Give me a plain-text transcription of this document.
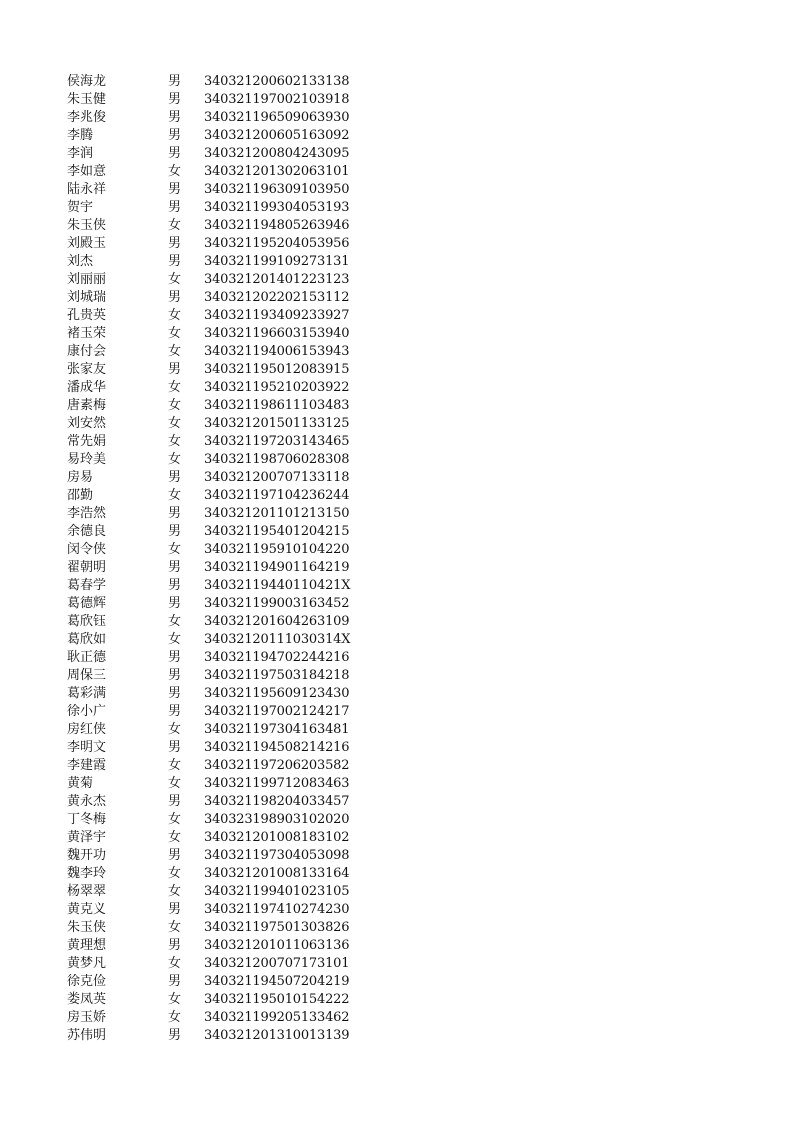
侯海龙	男 340321200602133138
朱玉健	男 340321197002103918
李兆俊	男 340321196509063930
李腾	男 340321200605163092
李润	男 340321200804243095
李如意	女 340321201302063101
陆永祥	男 340321196309103950
贺宇	男 340321199304053193
朱玉侠	女 340321194805263946
刘殿玉	男 340321195204053956
刘杰	男 340321199109273131
刘丽丽	女 340321201401223123
刘城瑞	男 340321202202153112
孔贵英	女 340321193409233927
褚玉荣	女 340321196603153940
康付会	女 340321194006153943
张家友	男 340321195012083915
潘成华	女 340321195210203922
唐素梅	女 340321198611103483
刘安然	女 340321201501133125
常先娟	女 340321197203143465
易玲美	女 340321198706028308
房易	男 340321200707133118
邵勤	女 340321197104236244
李浩然	男 340321201101213150
余德良	男 340321195401204215
闵令侠	女 340321195910104220
翟朝明	男 340321194901164219
葛春学	男 34032119440110421X
葛德辉	男 340321199003163452
葛欣钰	女 340321201604263109
葛欣如	女 34032120111030314X
耿正德	男 340321194702244216
周保三	男 340321197503184218
葛彩满	男 340321195609123430
徐小广	男 340321197002124217
房红侠	女 340321197304163481
李明文	男 340321194508214216
李建霞	女 340321197206203582
黄菊	女 340321199712083463
黄永杰	男 340321198204033457
丁冬梅	女 340323198903102020
黄泽宇	女 340321201008183102
魏开功	男 340321197304053098
魏李玲	女 340321201008133164
杨翠翠	女 340321199401023105
黄克义	男 340321197410274230
朱玉侠	女 340321197501303826
黄理想	男 340321201011063136
黄梦凡	女 340321200707173101
徐克俭	男 340321194507204219
娄凤英	女 340321195010154222
房玉娇	女 340321199205133462
苏伟明	男 340321201310013139
